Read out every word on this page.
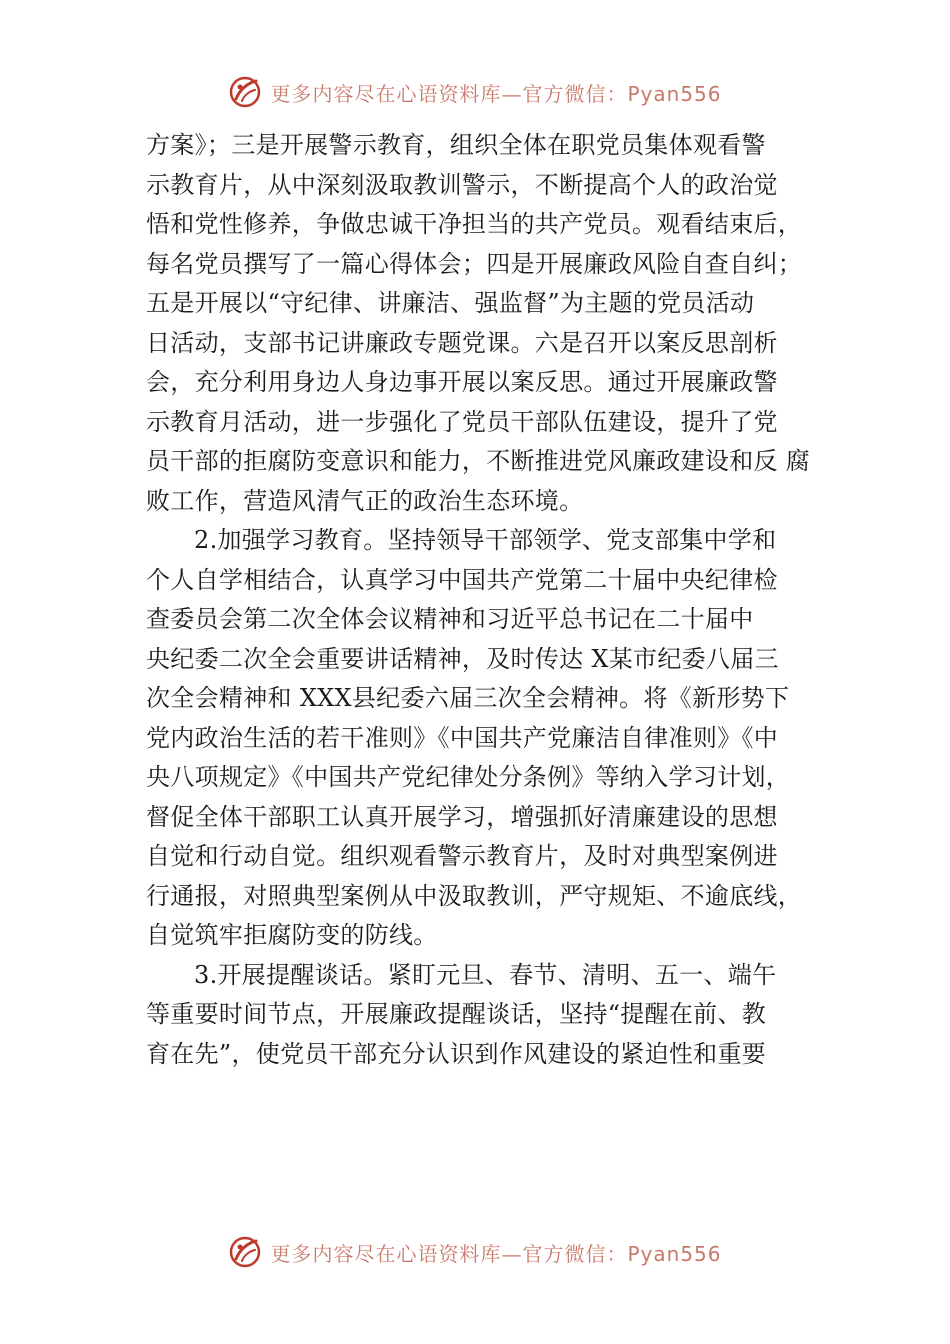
更多内容尽在心语资料库—官方微信：Pyan556
方案》；三是开展警示教育，组织全体在职党员集体观看警
示教育片，从中深刻汲取教训警示，不断提高个人的政治觉
悟和党性修养，争做忠诚干净担当的共产党员。观看结束后，
每名党员撰写了一篇心得体会；四是开展廉政风险自查自纠；
五是开展以“守纪律、讲廉洁、强监督”为主题的党员活动
日活动，支部书记讲廉政专题党课。六是召开以案反思剖析
会，充分利用身边人身边事开展以案反思。通过开展廉政警
示教育月活动，进一步强化了党员干部队伍建设，提升了党
员干部的拒腐防变意识和能力，不断推进党风廉政建设和反 腐
败工作，营造风清气正的政治生态环境。
2.加强学习教育。坚持领导干部领学、党支部集中学和
个人自学相结合，认真学习中国共产党第二十届中央纪律检
查委员会第二次全体会议精神和习近平总书记在二十届中
央纪委二次全会重要讲话精神，及时传达 X某市纪委八届三
次全会精神和 XXX县纪委六届三次全会精神。将《新形势下
党内政治生活的若干准则》《中国共产党廉洁自律准则》《中
央八项规定》《中国共产党纪律处分条例》等纳入学习计划，
督促全体干部职工认真开展学习，增强抓好清廉建设的思想
自觉和行动自觉。组织观看警示教育片，及时对典型案例进
行通报，对照典型案例从中汲取教训，严守规矩、不逾底线，
自觉筑牢拒腐防变的防线。
3.开展提醒谈话。紧盯元旦、春节、清明、五一、端午
等重要时间节点，开展廉政提醒谈话，坚持“提醒在前、教
育在先”，使党员干部充分认识到作风建设的紧迫性和重要
更多内容尽在心语资料库—官方微信：Pyan556
